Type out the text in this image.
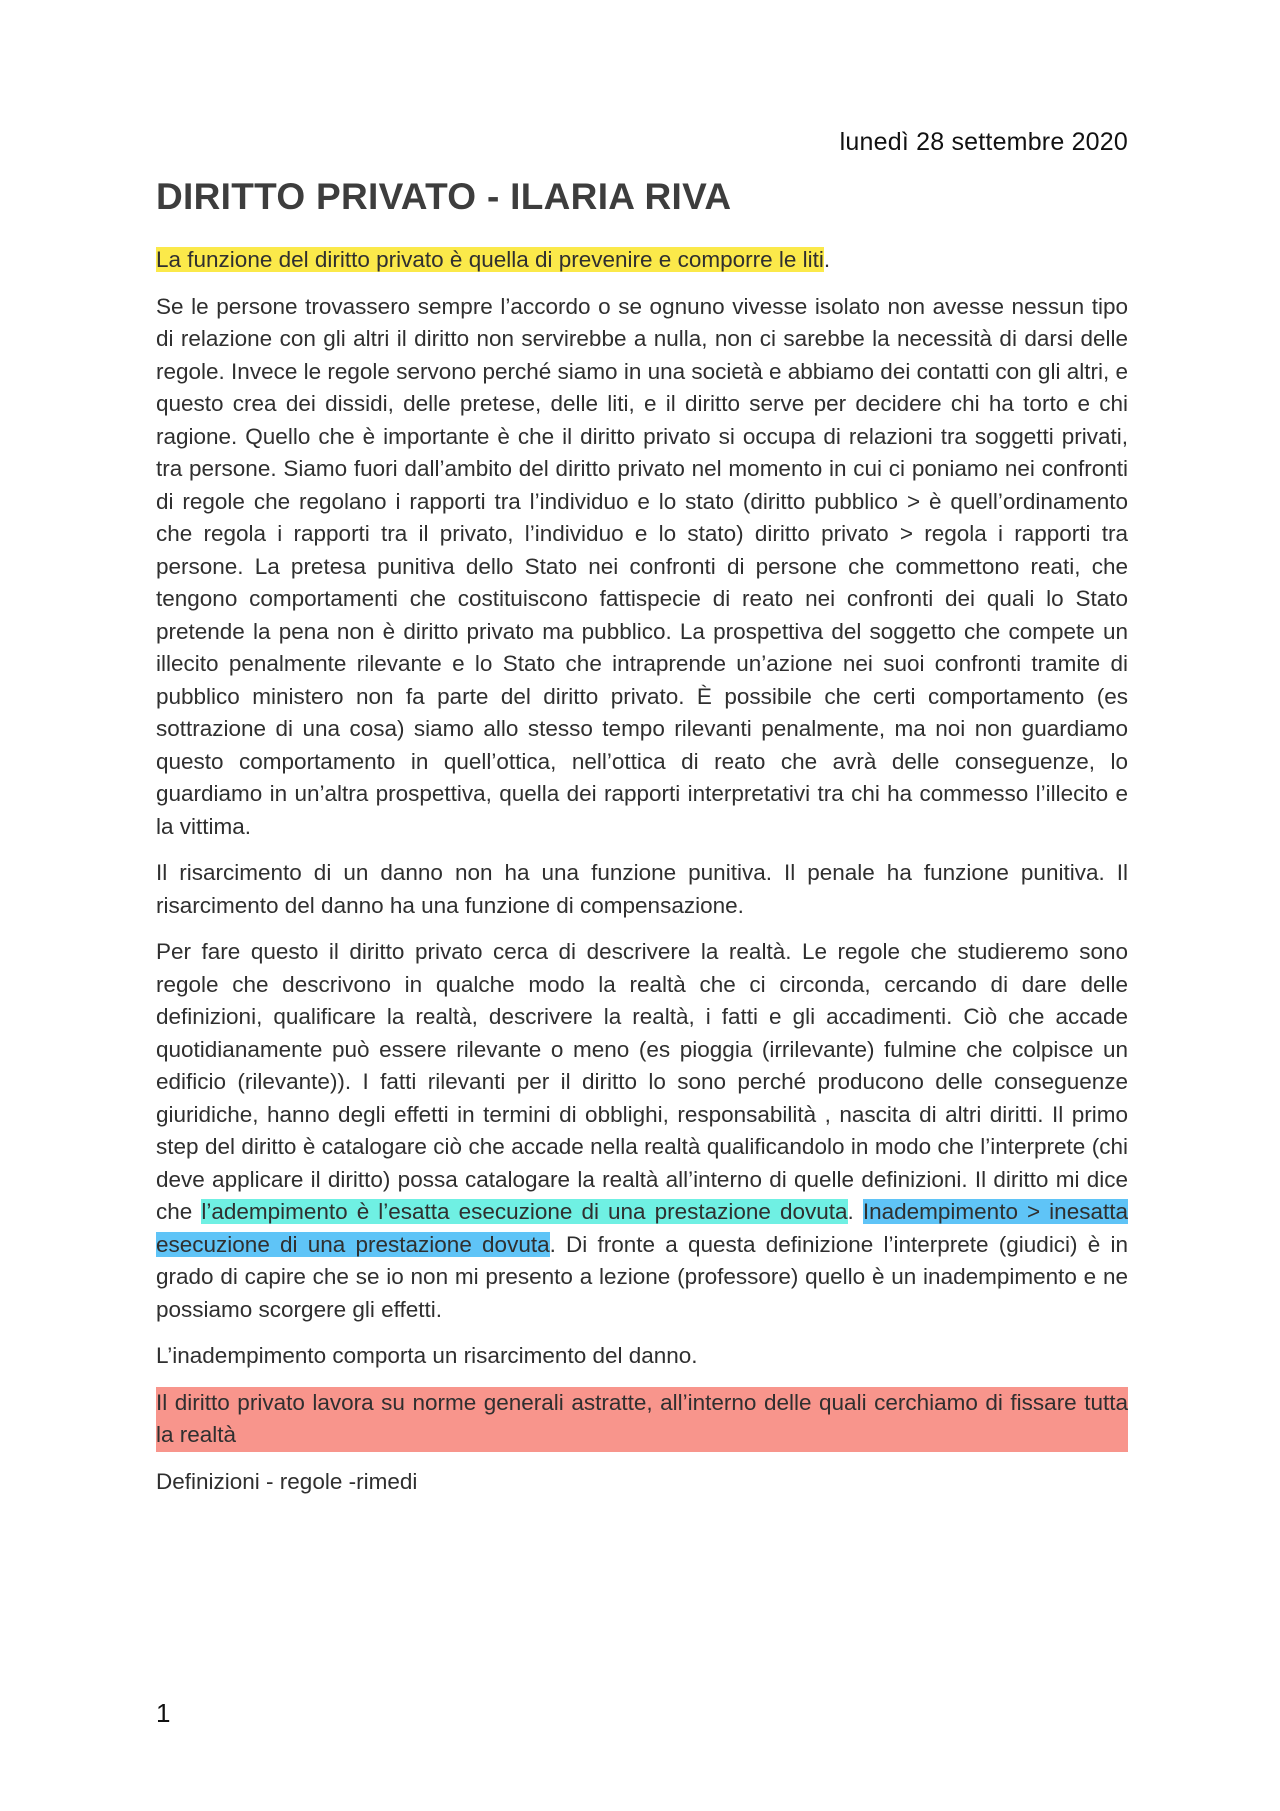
lunedì 28 settembre 2020
DIRITTO PRIVATO - ILARIA RIVA

La funzione del diritto privato è quella di prevenire e comporre le liti.

Se le persone trovassero sempre l’accordo o se ognuno vivesse isolato non avesse nessun tipo di relazione con gli altri il diritto non servirebbe a nulla, non ci sarebbe la necessità di darsi delle regole. Invece le regole servono perché siamo in una società e abbiamo dei contatti con gli altri, e questo crea dei dissidi, delle pretese, delle liti, e il diritto serve per decidere chi ha torto e chi ragione. Quello che è importante è che il diritto privato si occupa di relazioni tra soggetti privati, tra persone. Siamo fuori dall’ambito del diritto privato nel momento in cui ci poniamo nei confronti di regole che regolano i rapporti tra l’individuo e lo stato (diritto pubblico > è quell’ordinamento che regola i rapporti tra il privato, l’individuo e lo stato) diritto privato > regola i rapporti tra persone. La pretesa punitiva dello Stato nei confronti di persone che commettono reati, che tengono comportamenti che costituiscono fattispecie di reato nei confronti dei quali lo Stato pretende la pena non è diritto privato ma pubblico. La prospettiva del soggetto che compete un illecito penalmente rilevante e lo Stato che intraprende un’azione nei suoi confronti tramite di pubblico ministero non fa parte del diritto privato. È possibile che certi comportamento (es sottrazione di una cosa) siamo allo stesso tempo rilevanti penalmente, ma noi non guardiamo questo comportamento in quell’ottica, nell’ottica di reato che avrà delle conseguenze, lo guardiamo in un’altra prospettiva, quella dei rapporti interpretativi tra chi ha commesso l’illecito e la vittima.

Il risarcimento di un danno non ha una funzione punitiva. Il penale ha funzione punitiva. Il risarcimento del danno ha una funzione di compensazione.

Per fare questo il diritto privato cerca di descrivere la realtà. Le regole che studieremo sono regole che descrivono in qualche modo la realtà che ci circonda, cercando di dare delle definizioni, qualificare la realtà, descrivere la realtà, i fatti e gli accadimenti. Ciò che accade quotidianamente può essere rilevante o meno (es pioggia (irrilevante) fulmine che colpisce un edificio (rilevante)). I fatti rilevanti per il diritto lo sono perché producono delle conseguenze giuridiche, hanno degli effetti in termini di obblighi, responsabilità , nascita di altri diritti. Il primo step del diritto è catalogare ciò che accade nella realtà qualificandolo in modo che l’interprete (chi deve applicare il diritto) possa catalogare la realtà all’interno di quelle definizioni. Il diritto mi dice che l’adempimento è l’esatta esecuzione di una prestazione dovuta. Inadempimento > inesatta esecuzione di una prestazione dovuta. Di fronte a questa definizione l’interprete (giudici) è in grado di capire che se io non mi presento a lezione (professore) quello è un inadempimento e ne possiamo scorgere gli effetti.

L’inadempimento comporta un risarcimento del danno.

Il diritto privato lavora su norme generali astratte, all’interno delle quali cerchiamo di fissare tutta la realtà

Definizioni - regole -rimedi

1
